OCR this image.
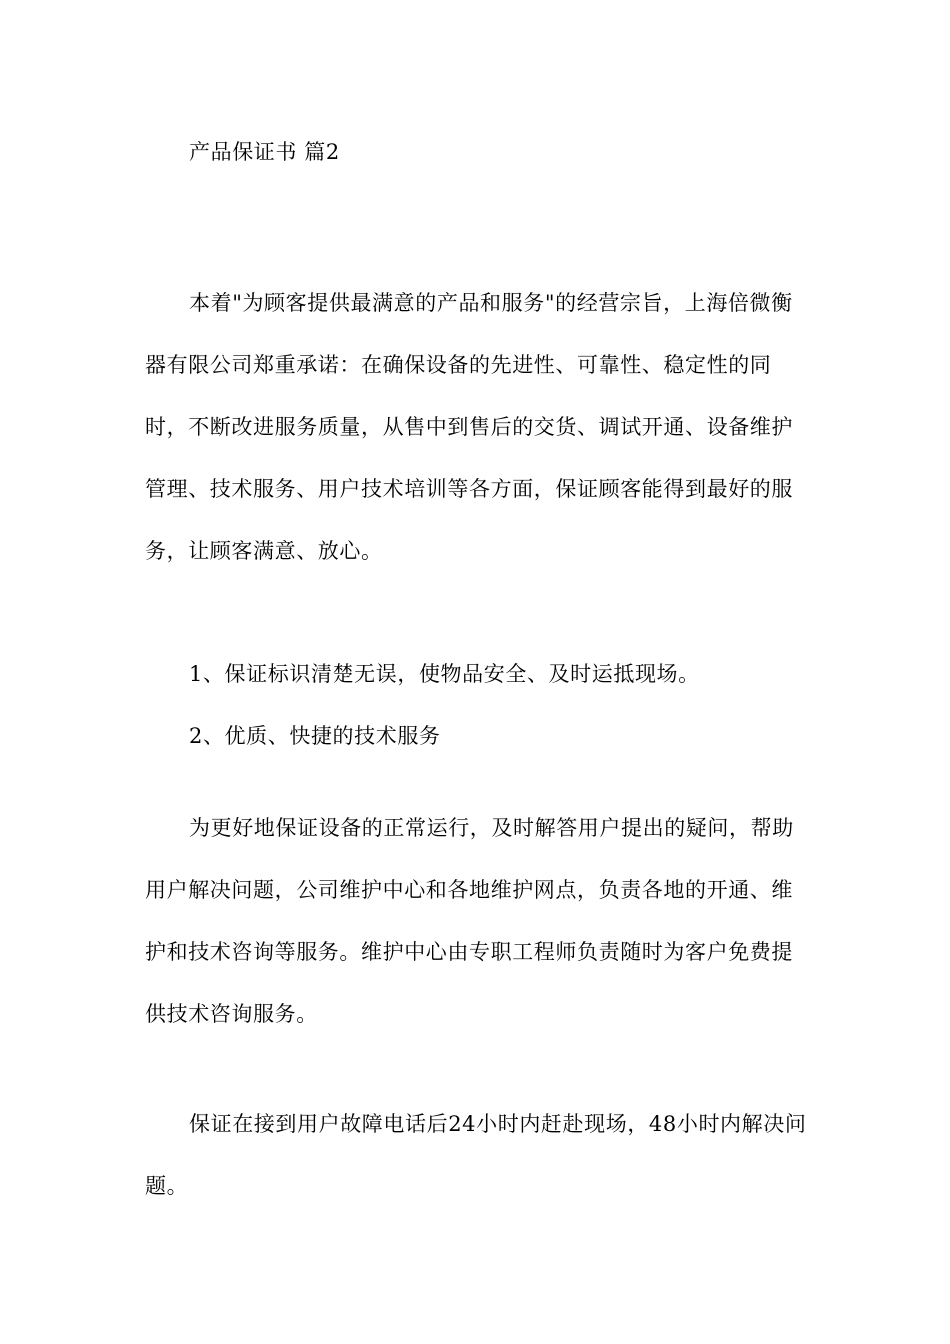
产品保证书 篇2

本着"为顾客提供最满意的产品和服务"的经营宗旨，上海倍微衡器有限公司郑重承诺：在确保设备的先进性、可靠性、稳定性的同时，不断改进服务质量，从售中到售后的交货、调试开通、设备维护管理、技术服务、用户技术培训等各方面，保证顾客能得到最好的服务，让顾客满意、放心。

1、保证标识清楚无误，使物品安全、及时运抵现场。

2、优质、快捷的技术服务

为更好地保证设备的正常运行，及时解答用户提出的疑问，帮助用户解决问题，公司维护中心和各地维护网点，负责各地的开通、维护和技术咨询等服务。维护中心由专职工程师负责随时为客户免费提供技术咨询服务。

保证在接到用户故障电话后24小时内赶赴现场，48小时内解决问题。
